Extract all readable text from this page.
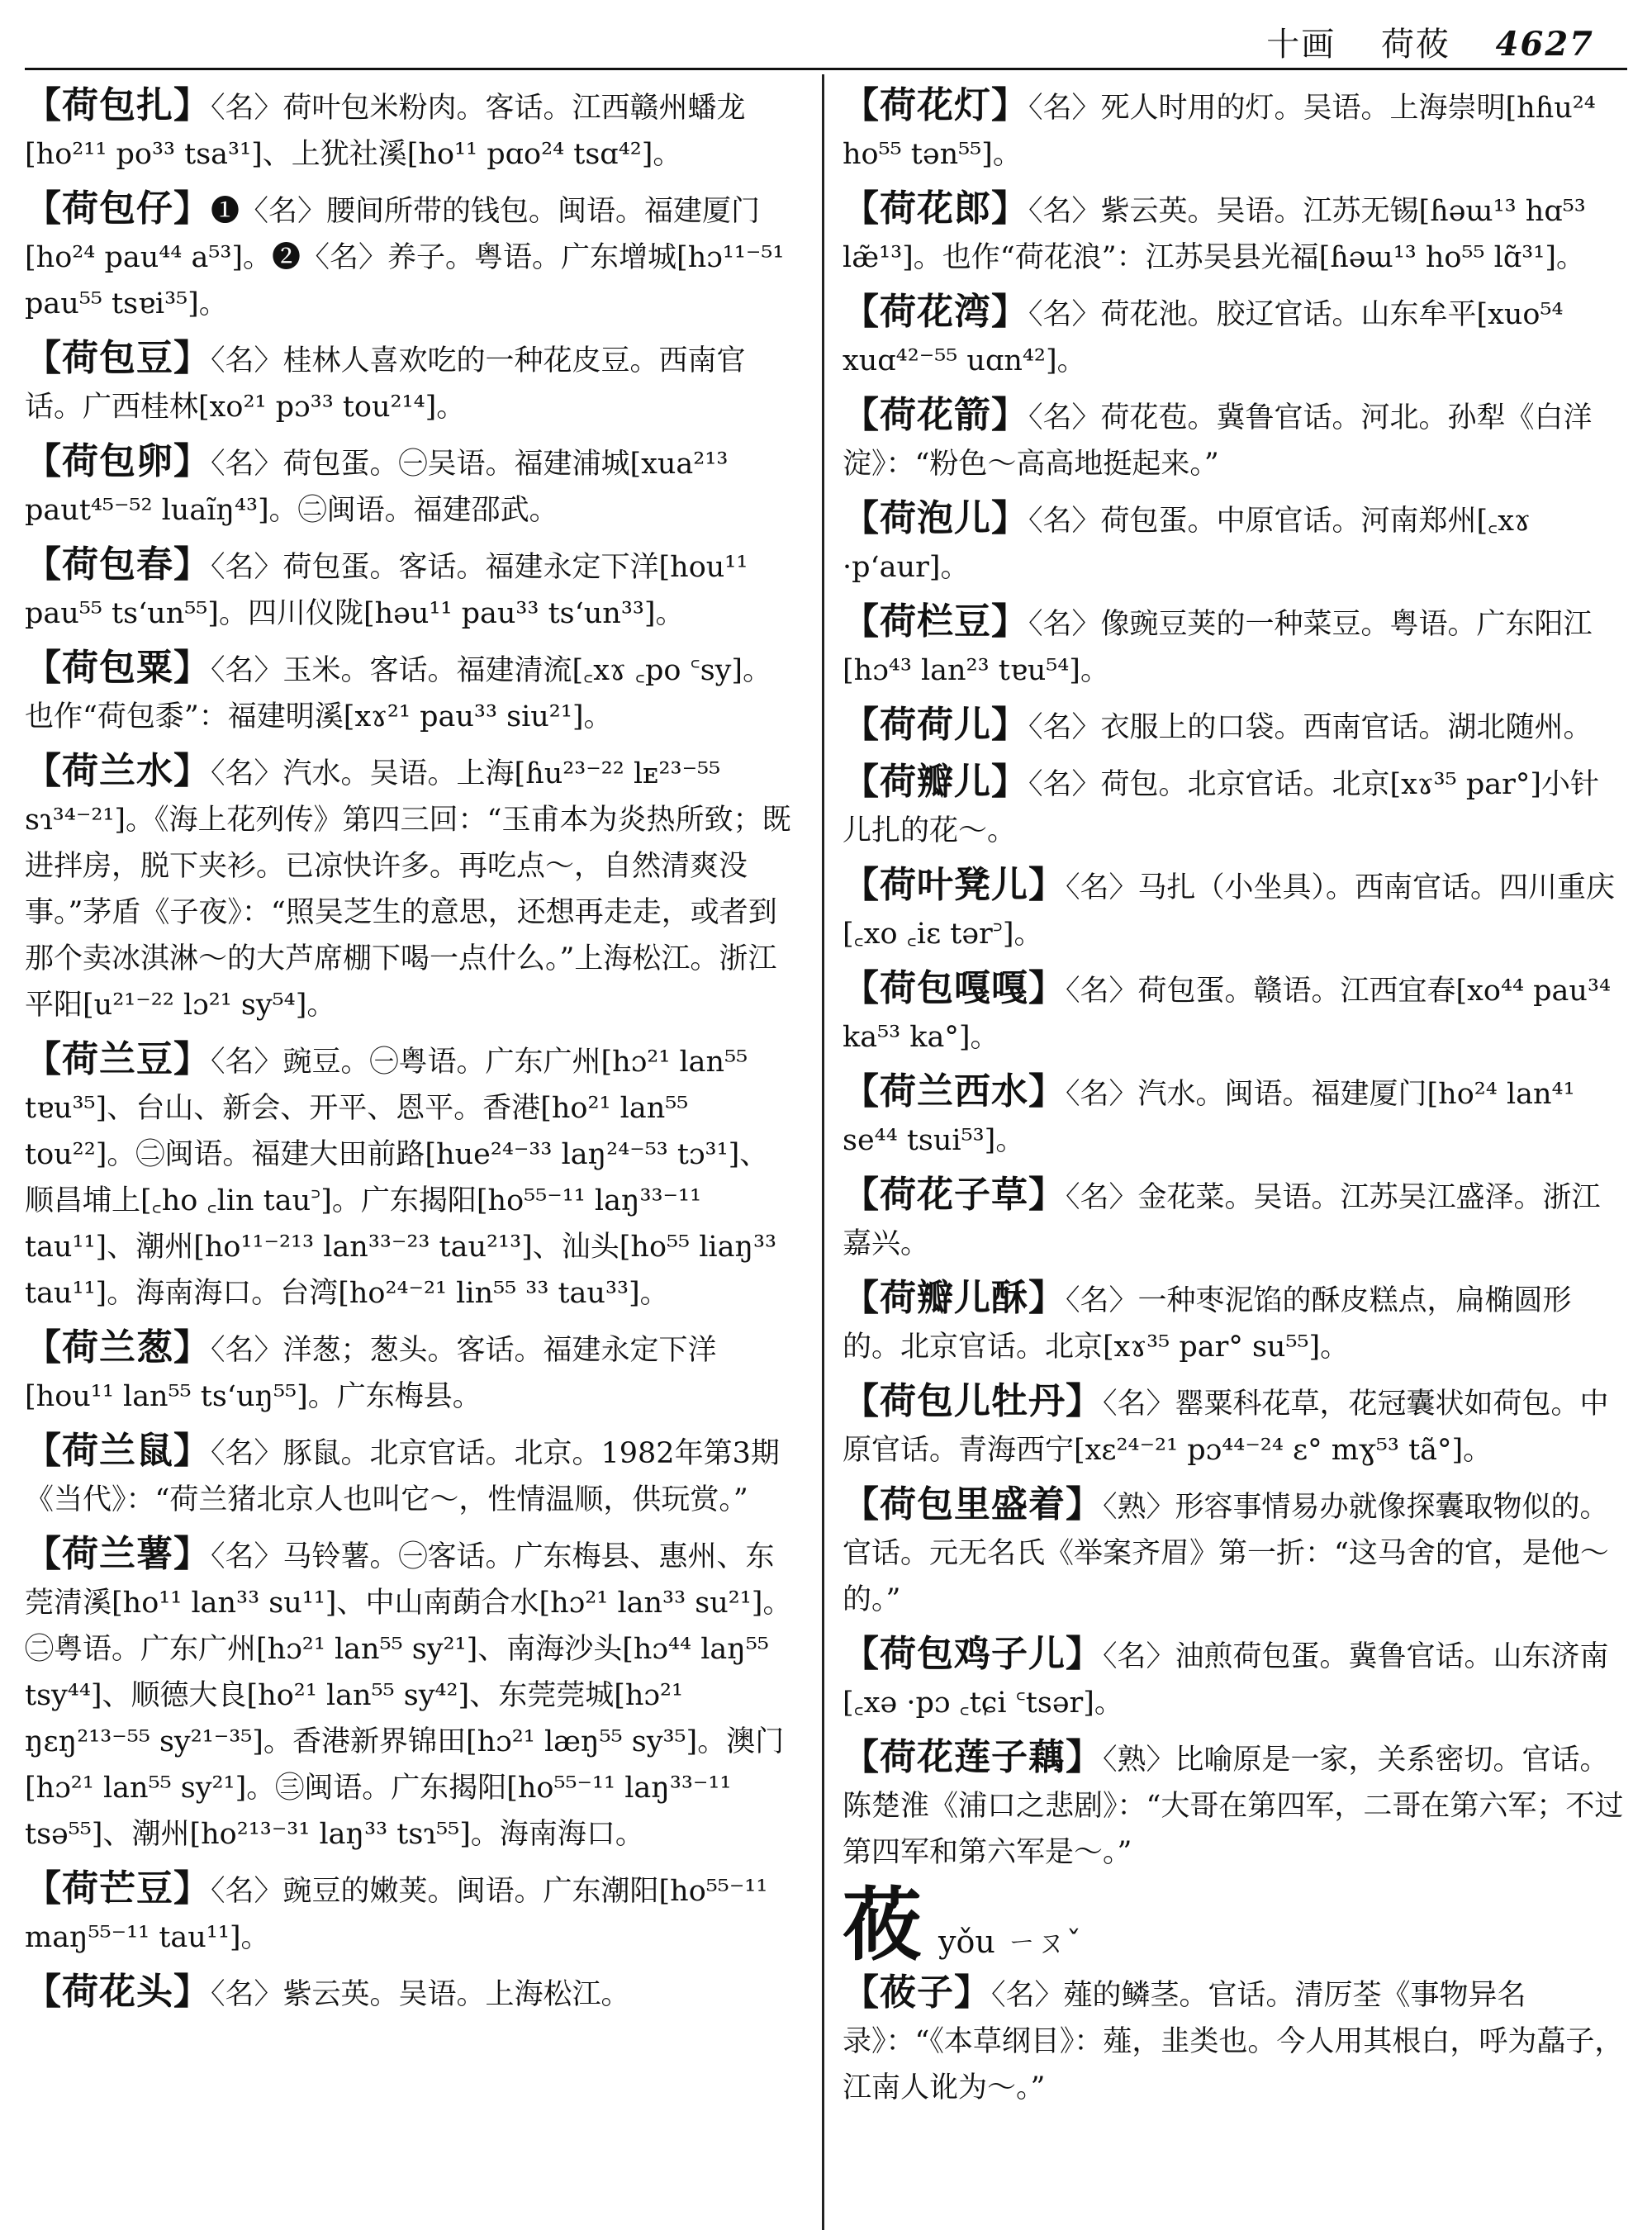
十画 荷莜 4627
【 荷包扎 】 〈名〉荷叶包米粉肉。客话。江西赣州蟠龙[ho²¹¹ po³³ tsa³¹]、上犹社溪[ho¹¹ pɑo²⁴ tsɑ⁴²]。
【 荷包仔 】 ❶〈名〉腰间所带的钱包。闽语。福建厦门[ho²⁴ pau⁴⁴ a⁵³]。❷〈名〉养子。粤语。广东增城[hɔ¹¹⁻⁵¹ pau⁵⁵ tsɐi³⁵]。
【 荷包豆 】 〈名〉桂林人喜欢吃的一种花皮豆。西南官话。广西桂林[xo²¹ pɔ³³ tou²¹⁴]。
【 荷包卵 】 〈名〉荷包蛋。㊀吴语。福建浦城[xua²¹³ paut⁴⁵⁻⁵² luaĩŋ⁴³]。㊁闽语。福建邵武。
【 荷包春 】 〈名〉荷包蛋。客话。福建永定下洋[hou¹¹ pau⁵⁵ tsʻun⁵⁵]。四川仪陇[həu¹¹ pau³³ tsʻun³³]。
【 荷包粟 】 〈名〉玉米。客话。福建清流[꜀xɤ ꜀po ꜂sy]。也作“荷包黍”：福建明溪[xɤ²¹ pau³³ siu²¹]。
【 荷兰水 】 〈名〉汽水。吴语。上海[ɦu²³⁻²² lᴇ²³⁻⁵⁵ sɿ³⁴⁻²¹]。《海上花列传》第四三回：“玉甫本为炎热所致；既进拌房，脱下夹衫。已凉快许多。再吃点～，自然清爽没事。”茅盾《子夜》：“照吴芝生的意思，还想再走走，或者到那个卖冰淇淋～的大芦席棚下喝一点什么。”上海松江。浙江平阳[u²¹⁻²² lɔ²¹ sy⁵⁴]。
【 荷兰豆 】 〈名〉豌豆。㊀粤语。广东广州[hɔ²¹ lan⁵⁵ tɐu³⁵]、台山、新会、开平、恩平。香港[ho²¹ lan⁵⁵ tou²²]。㊁闽语。福建大田前路[hue²⁴⁻³³ laŋ²⁴⁻⁵³ tɔ³¹]、顺昌埔上[꜀ho ꜀lin tau꜄]。广东揭阳[ho⁵⁵⁻¹¹ laŋ³³⁻¹¹ tau¹¹]、潮州[ho¹¹⁻²¹³ lan³³⁻²³ tau²¹³]、汕头[ho⁵⁵ liaŋ³³ tau¹¹]。海南海口。台湾[ho²⁴⁻²¹ lin⁵⁵ ³³ tau³³]。
【 荷兰葱 】 〈名〉洋葱；葱头。客话。福建永定下洋[hou¹¹ lan⁵⁵ tsʻuŋ⁵⁵]。广东梅县。
【 荷兰鼠 】 〈名〉豚鼠。北京官话。北京。1982年第3期《当代》：“荷兰猪北京人也叫它～，性情温顺，供玩赏。”
【 荷兰薯 】 〈名〉马铃薯。㊀客话。广东梅县、惠州、东莞清溪[ho¹¹ lan³³ su¹¹]、中山南蓢合水[hɔ²¹ lan³³ su²¹]。㊁粤语。广东广州[hɔ²¹ lan⁵⁵ sy²¹]、南海沙头[hɔ⁴⁴ laŋ⁵⁵ tsy⁴⁴]、顺德大良[ho²¹ lan⁵⁵ sy⁴²]、东莞莞城[hɔ²¹ ŋɛŋ²¹³⁻⁵⁵ sy²¹⁻³⁵]。香港新界锦田[hɔ²¹ læŋ⁵⁵ sy³⁵]。澳门[hɔ²¹ lan⁵⁵ sy²¹]。㊂闽语。广东揭阳[ho⁵⁵⁻¹¹ laŋ³³⁻¹¹ tsə⁵⁵]、潮州[ho²¹³⁻³¹ laŋ³³ tsɿ⁵⁵]。海南海口。
【 荷芒豆 】 〈名〉豌豆的嫩荚。闽语。广东潮阳[ho⁵⁵⁻¹¹ maŋ⁵⁵⁻¹¹ tau¹¹]。
【 荷花头 】 〈名〉紫云英。吴语。上海松江。
【 荷花灯 】 〈名〉死人时用的灯。吴语。上海崇明[hɦu²⁴ ho⁵⁵ tən⁵⁵]。
【 荷花郎 】 〈名〉紫云英。吴语。江苏无锡[ɦəɯ¹³ hɑ⁵³ læ̃¹³]。也作“荷花浪”：江苏吴县光福[ɦəɯ¹³ ho⁵⁵ lɑ̃³¹]。
【 荷花湾 】 〈名〉荷花池。胶辽官话。山东牟平[xuo⁵⁴ xuɑ⁴²⁻⁵⁵ uɑn⁴²]。
【 荷花箭 】 〈名〉荷花苞。冀鲁官话。河北。孙犁《白洋淀》：“粉色～高高地挺起来。”
【 荷泡儿 】 〈名〉荷包蛋。中原官话。河南郑州[꜀xɤ ·pʻaur]。
【 荷栏豆 】 〈名〉像豌豆荚的一种菜豆。粤语。广东阳江[hɔ⁴³ lan²³ tɐu⁵⁴]。
【 荷荷儿 】 〈名〉衣服上的口袋。西南官话。湖北随州。
【 荷瓣儿 】 〈名〉荷包。北京官话。北京[xɤ³⁵ par°]小针儿扎的花～。
【 荷叶凳儿 】 〈名〉马扎（小坐具）。西南官话。四川重庆[꜀xo ꜀iɛ tər꜄]。
【 荷包嘎嘎 】 〈名〉荷包蛋。赣语。江西宜春[xo⁴⁴ pau³⁴ ka⁵³ ka°]。
【 荷兰西水 】 〈名〉汽水。闽语。福建厦门[ho²⁴ lan⁴¹ se⁴⁴ tsui⁵³]。
【 荷花子草 】 〈名〉金花菜。吴语。江苏吴江盛泽。浙江嘉兴。
【 荷瓣儿酥 】 〈名〉一种枣泥馅的酥皮糕点，扁椭圆形的。北京官话。北京[xɤ³⁵ par° su⁵⁵]。
【 荷包儿牡丹 】 〈名〉罂粟科花草，花冠囊状如荷包。中原官话。青海西宁[xɛ²⁴⁻²¹ pɔ⁴⁴⁻²⁴ ɛ° mɣ⁵³ tã°]。
【 荷包里盛着 】 〈熟〉形容事情易办就像探囊取物似的。官话。元无名氏《举案齐眉》第一折：“这马舍的官，是他～的。”
【 荷包鸡子儿 】 〈名〉油煎荷包蛋。冀鲁官话。山东济南[꜀xə ·pɔ ꜀tɕi ꜂tsər]。
【 荷花莲子藕 】 〈熟〉比喻原是一家，关系密切。官话。陈楚淮《浦口之悲剧》：“大哥在第四军，二哥在第六军；不过第四军和第六军是～。”
莜 yǒu ㄧㄡˇ
【 莜子 】 〈名〉薤的鳞茎。官话。清厉荃《事物异名录》：“《本草纲目》：薤，韭类也。今人用其根白，呼为藠子，江南人讹为～。”
